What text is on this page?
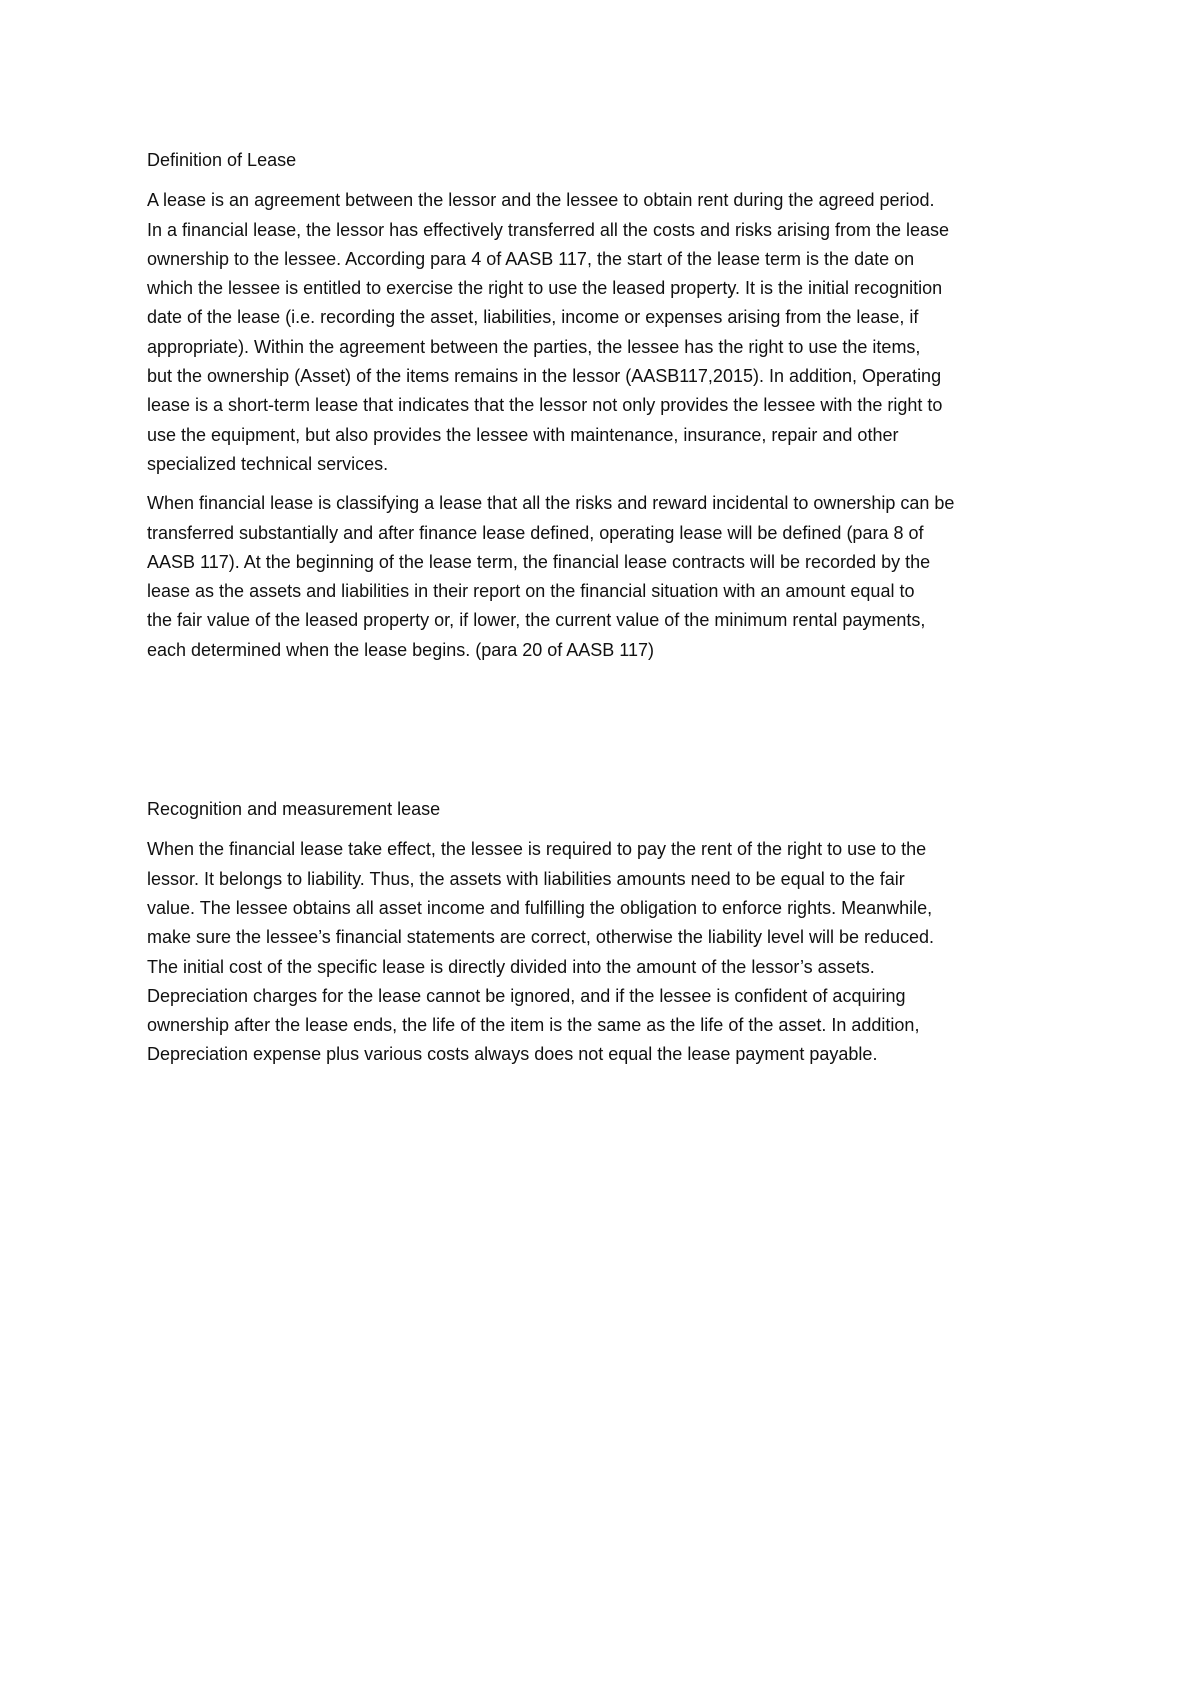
Definition of Lease

A lease is an agreement between the lessor and the lessee to obtain rent during the agreed period.
In a financial lease, the lessor has effectively transferred all the costs and risks arising from the lease
ownership to the lessee. According para 4 of AASB 117, the start of the lease term is the date on
which the lessee is entitled to exercise the right to use the leased property. It is the initial recognition
date of the lease (i.e. recording the asset, liabilities, income or expenses arising from the lease, if
appropriate). Within the agreement between the parties, the lessee has the right to use the items,
but the ownership (Asset) of the items remains in the lessor (AASB117,2015). In addition, Operating
lease is a short-term lease that indicates that the lessor not only provides the lessee with the right to
use the equipment, but also provides the lessee with maintenance, insurance, repair and other
specialized technical services.

When financial lease is classifying a lease that all the risks and reward incidental to ownership can be
transferred substantially and after finance lease defined, operating lease will be defined (para 8 of
AASB 117). At the beginning of the lease term, the financial lease contracts will be recorded by the
lease as the assets and liabilities in their report on the financial situation with an amount equal to
the fair value of the leased property or, if lower, the current value of the minimum rental payments,
each determined when the lease begins. (para 20 of AASB 117)

Recognition and measurement lease

When the financial lease take effect, the lessee is required to pay the rent of the right to use to the
lessor. It belongs to liability. Thus, the assets with liabilities amounts need to be equal to the fair
value. The lessee obtains all asset income and fulfilling the obligation to enforce rights. Meanwhile,
make sure the lessee’s financial statements are correct, otherwise the liability level will be reduced.
The initial cost of the specific lease is directly divided into the amount of the lessor’s assets.
Depreciation charges for the lease cannot be ignored, and if the lessee is confident of acquiring
ownership after the lease ends, the life of the item is the same as the life of the asset. In addition,
Depreciation expense plus various costs always does not equal the lease payment payable.
